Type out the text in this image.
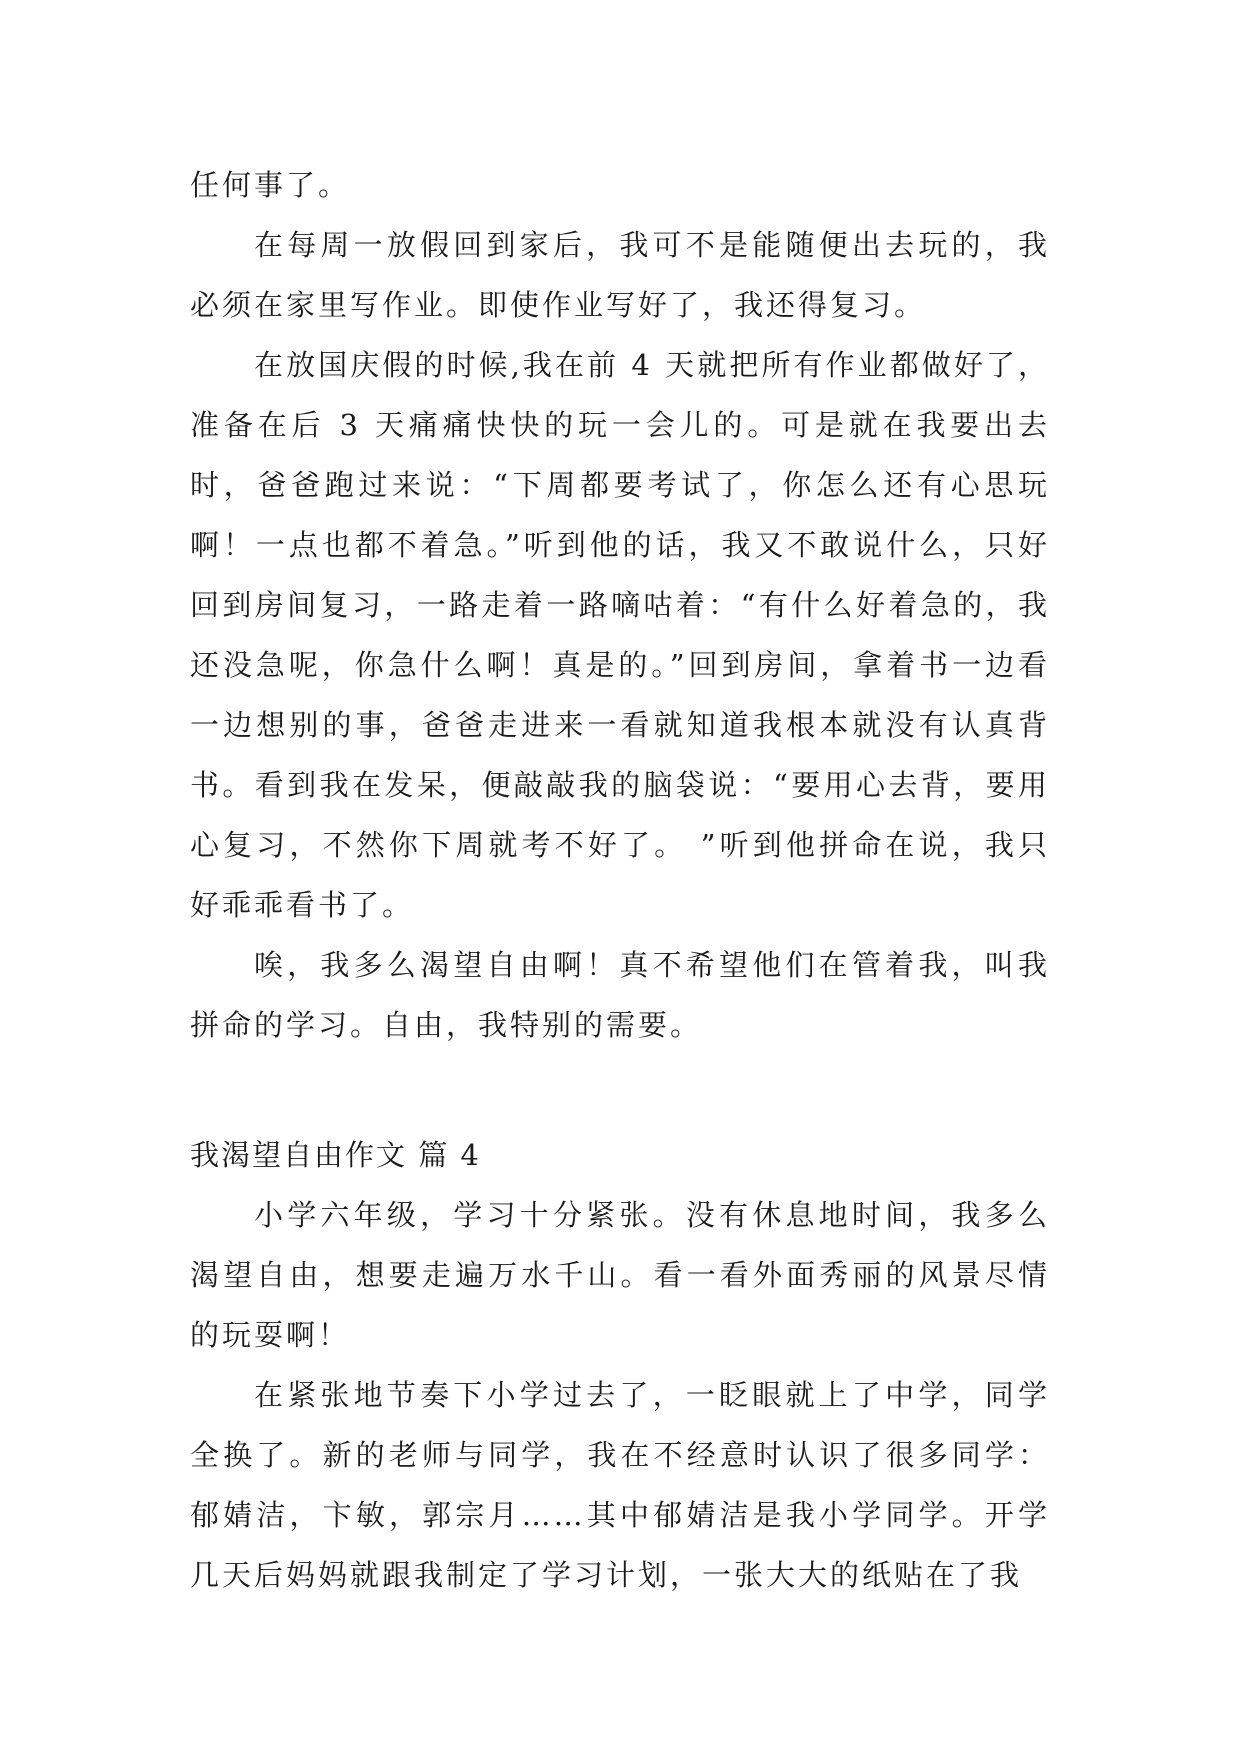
任何事了。

在每周一放假回到家后，我可不是能随便出去玩的，我必须在家里写作业。即使作业写好了，我还得复习。

在放国庆假的时候,我在前 4 天就把所有作业都做好了，准备在后 3 天痛痛快快的玩一会儿的。可是就在我要出去时，爸爸跑过来说：“下周都要考试了，你怎么还有心思玩啊！一点也都不着急。”听到他的话，我又不敢说什么，只好回到房间复习，一路走着一路嘀咕着：“有什么好着急的，我还没急呢，你急什么啊！真是的。”回到房间，拿着书一边看一边想别的事，爸爸走进来一看就知道我根本就没有认真背书。看到我在发呆，便敲敲我的脑袋说：“要用心去背，要用心复习，不然你下周就考不好了。 ”听到他拼命在说，我只好乖乖看书了。

唉，我多么渴望自由啊！真不希望他们在管着我，叫我拼命的学习。自由，我特别的需要。

我渴望自由作文 篇 4

小学六年级，学习十分紧张。没有休息地时间，我多么渴望自由，想要走遍万水千山。看一看外面秀丽的风景尽情的玩耍啊！

在紧张地节奏下小学过去了，一眨眼就上了中学，同学全换了。新的老师与同学，我在不经意时认识了很多同学：郁婧洁，卞敏，郭宗月……其中郁婧洁是我小学同学。开学几天后妈妈就跟我制定了学习计划，一张大大的纸贴在了我
